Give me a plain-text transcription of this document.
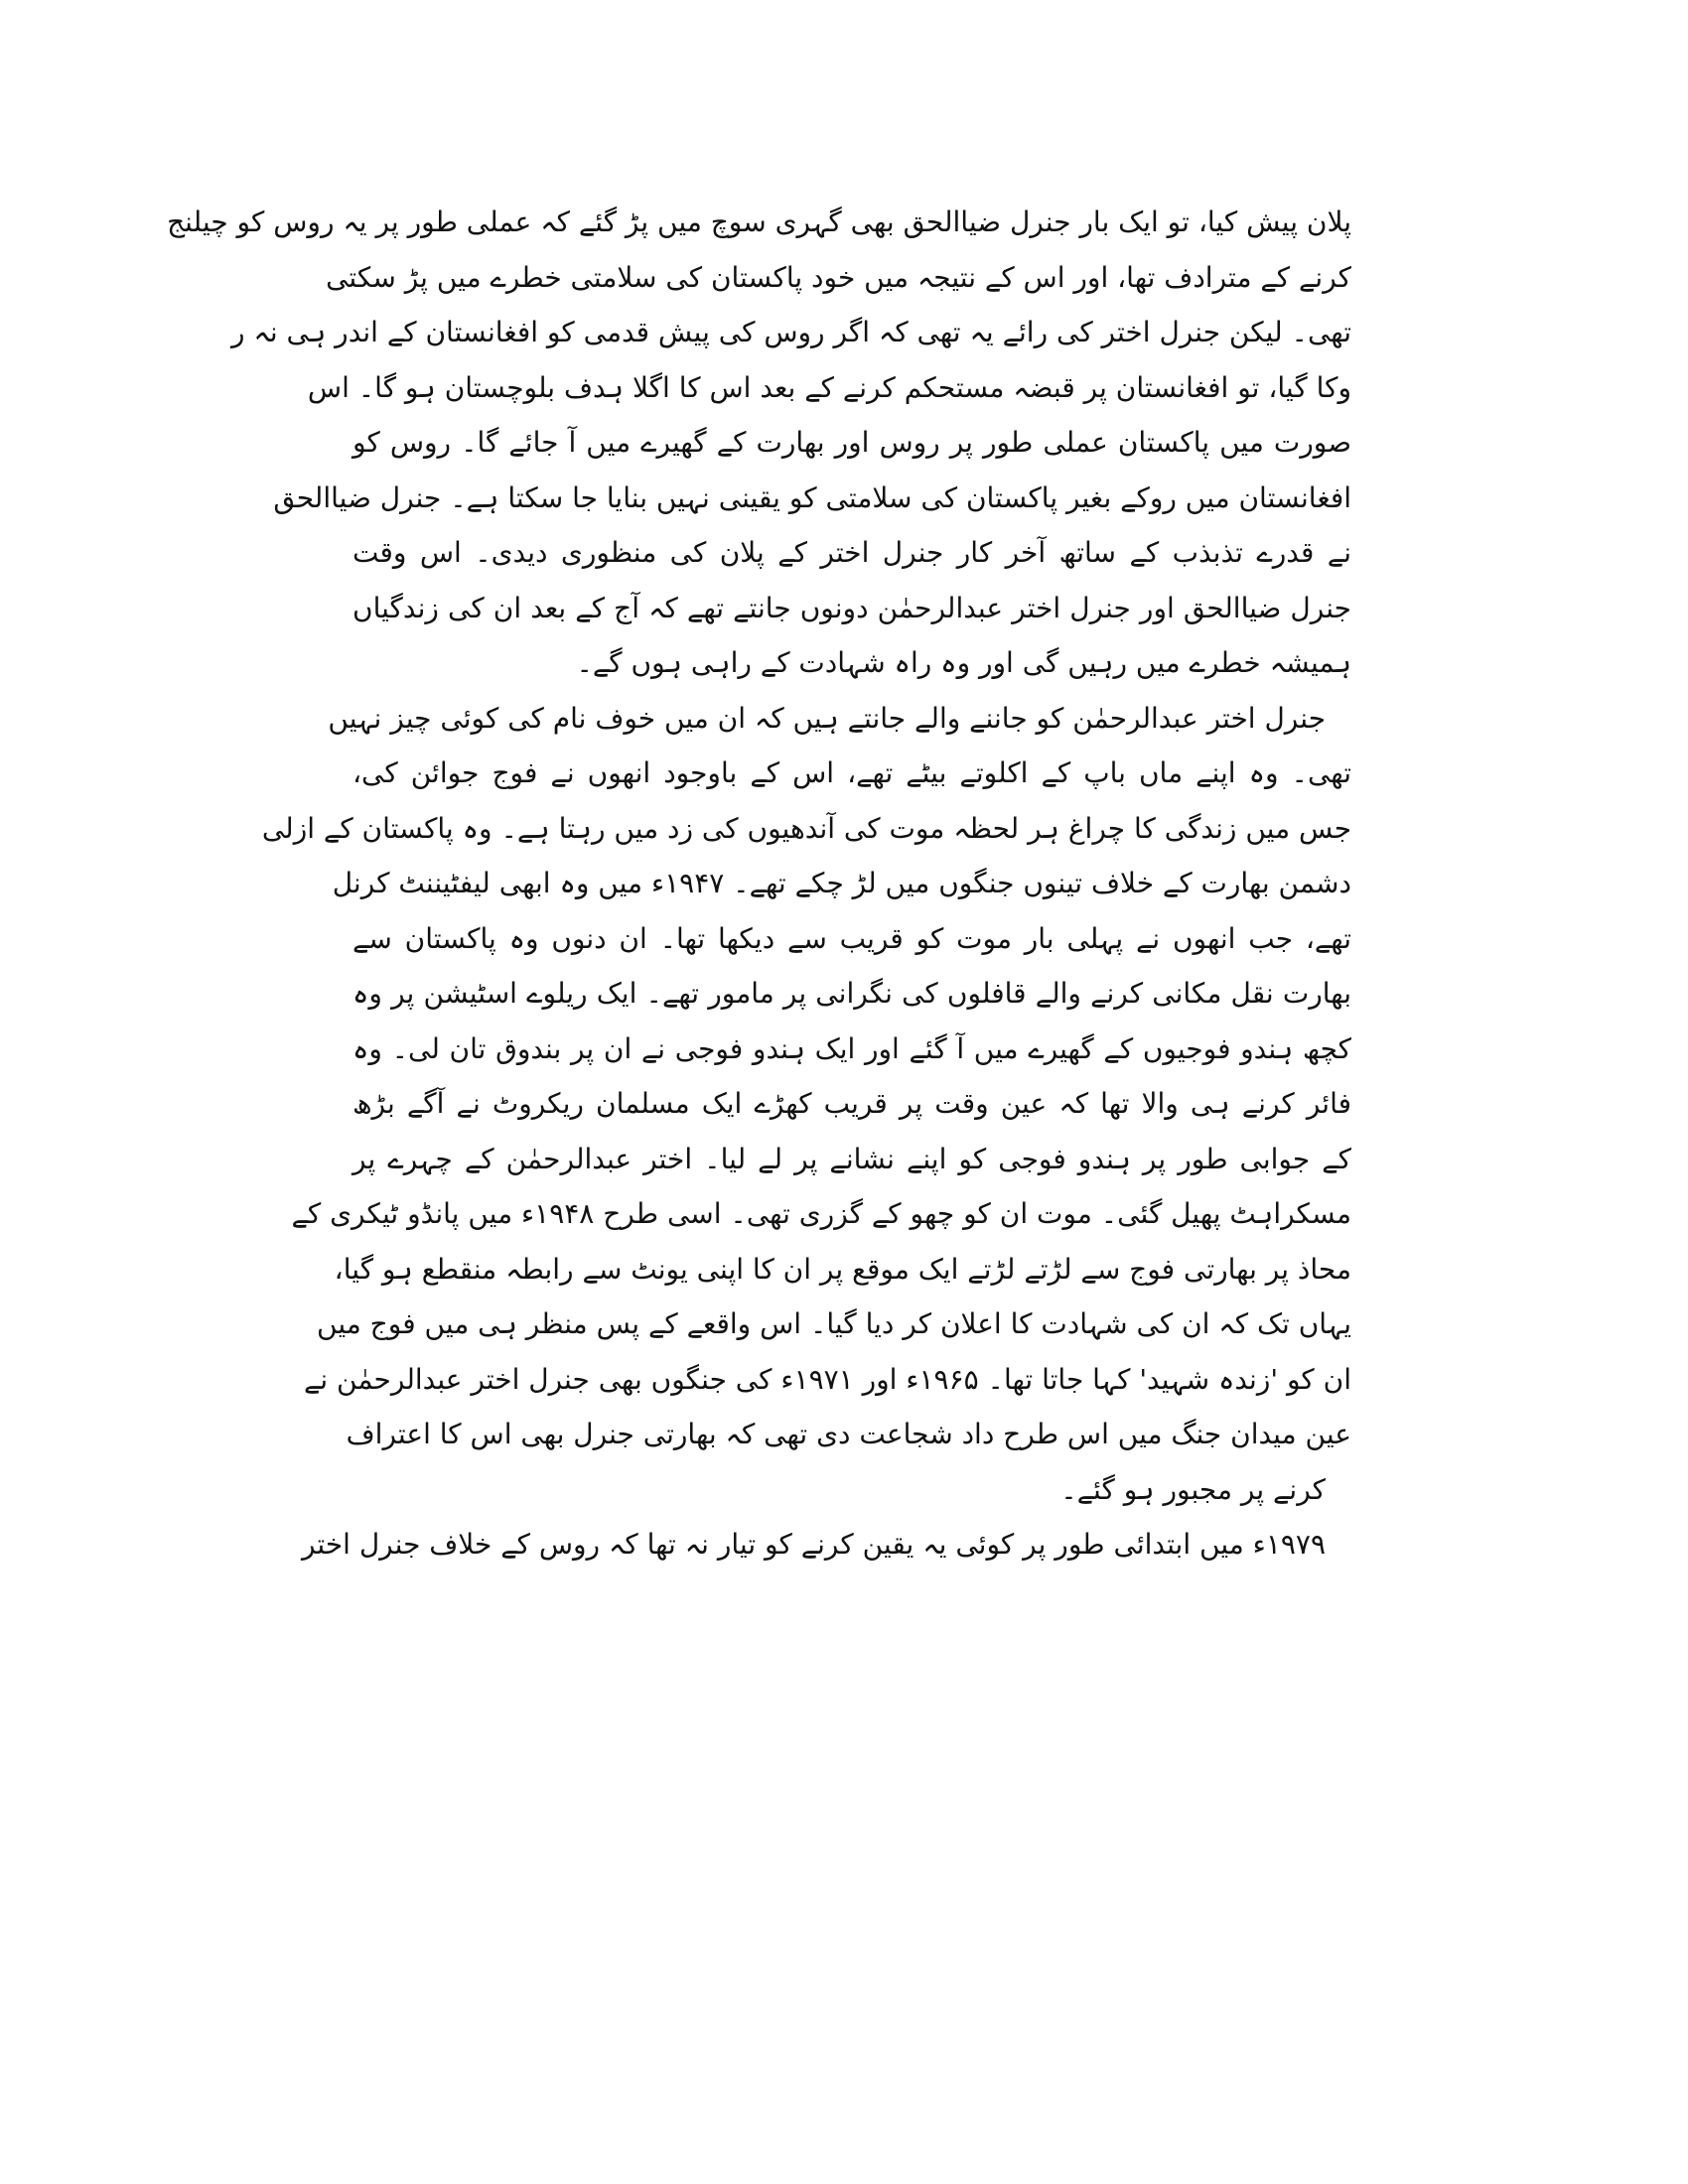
پلان پیش کیا، تو ایک بار جنرل ضیاالحق بھی گہری سوچ میں پڑ گئے کہ عملی طور پر یہ روس کو چیلنج
کرنے کے مترادف تھا، اور اس کے نتیجہ میں خود پاکستان کی سلامتی خطرے میں پڑ سکتی
تھی۔ لیکن جنرل اختر کی رائے یہ تھی کہ اگر روس کی پیش قدمی کو افغانستان کے اندر ہی نہ ر
وکا گیا، تو افغانستان پر قبضہ مستحکم کرنے کے بعد اس کا اگلا ہدف بلوچستان ہو گا۔ اس
صورت میں پاکستان عملی طور پر روس اور بھارت کے گھیرے میں آ جائے گا۔ روس کو
افغانستان میں روکے بغیر پاکستان کی سلامتی کو یقینی نہیں بنایا جا سکتا ہے۔ جنرل ضیاالحق
نے قدرے تذبذب کے ساتھ آخر کار جنرل اختر کے پلان کی منظوری دیدی۔ اس وقت
جنرل ضیاالحق اور جنرل اختر عبدالرحمٰن دونوں جانتے تھے کہ آج کے بعد ان کی زندگیاں
ہمیشہ خطرے میں رہیں گی اور وہ راہ شہادت کے راہی ہوں گے۔
جنرل اختر عبدالرحمٰن کو جاننے والے جانتے ہیں کہ ان میں خوف نام کی کوئی چیز نہیں
تھی۔ وہ اپنے ماں باپ کے اکلوتے بیٹے تھے، اس کے باوجود انھوں نے فوج جوائن کی،
جس میں زندگی کا چراغ ہر لحظہ موت کی آندھیوں کی زد میں رہتا ہے۔ وہ پاکستان کے ازلی
دشمن بھارت کے خلاف تینوں جنگوں میں لڑ چکے تھے۔ ۱۹۴۷ء میں وہ ابھی لیفٹیننٹ کرنل
تھے، جب انھوں نے پہلی بار موت کو قریب سے دیکھا تھا۔ ان دنوں وہ پاکستان سے
بھارت نقل مکانی کرنے والے قافلوں کی نگرانی پر مامور تھے۔ ایک ریلوے اسٹیشن پر وہ
کچھ ہندو فوجیوں کے گھیرے میں آ گئے اور ایک ہندو فوجی نے ان پر بندوق تان لی۔ وہ
فائر کرنے ہی والا تھا کہ عین وقت پر قریب کھڑے ایک مسلمان ریکروٹ نے آگے بڑھ
کے جوابی طور پر ہندو فوجی کو اپنے نشانے پر لے لیا۔ اختر عبدالرحمٰن کے چہرے پر
مسکراہٹ پھیل گئی۔ موت ان کو چھو کے گزری تھی۔ اسی طرح ۱۹۴۸ء میں پانڈو ٹیکری کے
محاذ پر بھارتی فوج سے لڑتے لڑتے ایک موقع پر ان کا اپنی یونٹ سے رابطہ منقطع ہو گیا،
یہاں تک کہ ان کی شہادت کا اعلان کر دیا گیا۔ اس واقعے کے پس منظر ہی میں فوج میں
ان کو 'زندہ شہید' کہا جاتا تھا۔ ۱۹۶۵ء اور ۱۹۷۱ء کی جنگوں بھی جنرل اختر عبدالرحمٰن نے
عین میدان جنگ میں اس طرح داد شجاعت دی تھی کہ بھارتی جنرل بھی اس کا اعتراف
کرنے پر مجبور ہو گئے۔
۱۹۷۹ء میں ابتدائی طور پر کوئی یہ یقین کرنے کو تیار نہ تھا کہ روس کے خلاف جنرل اختر
